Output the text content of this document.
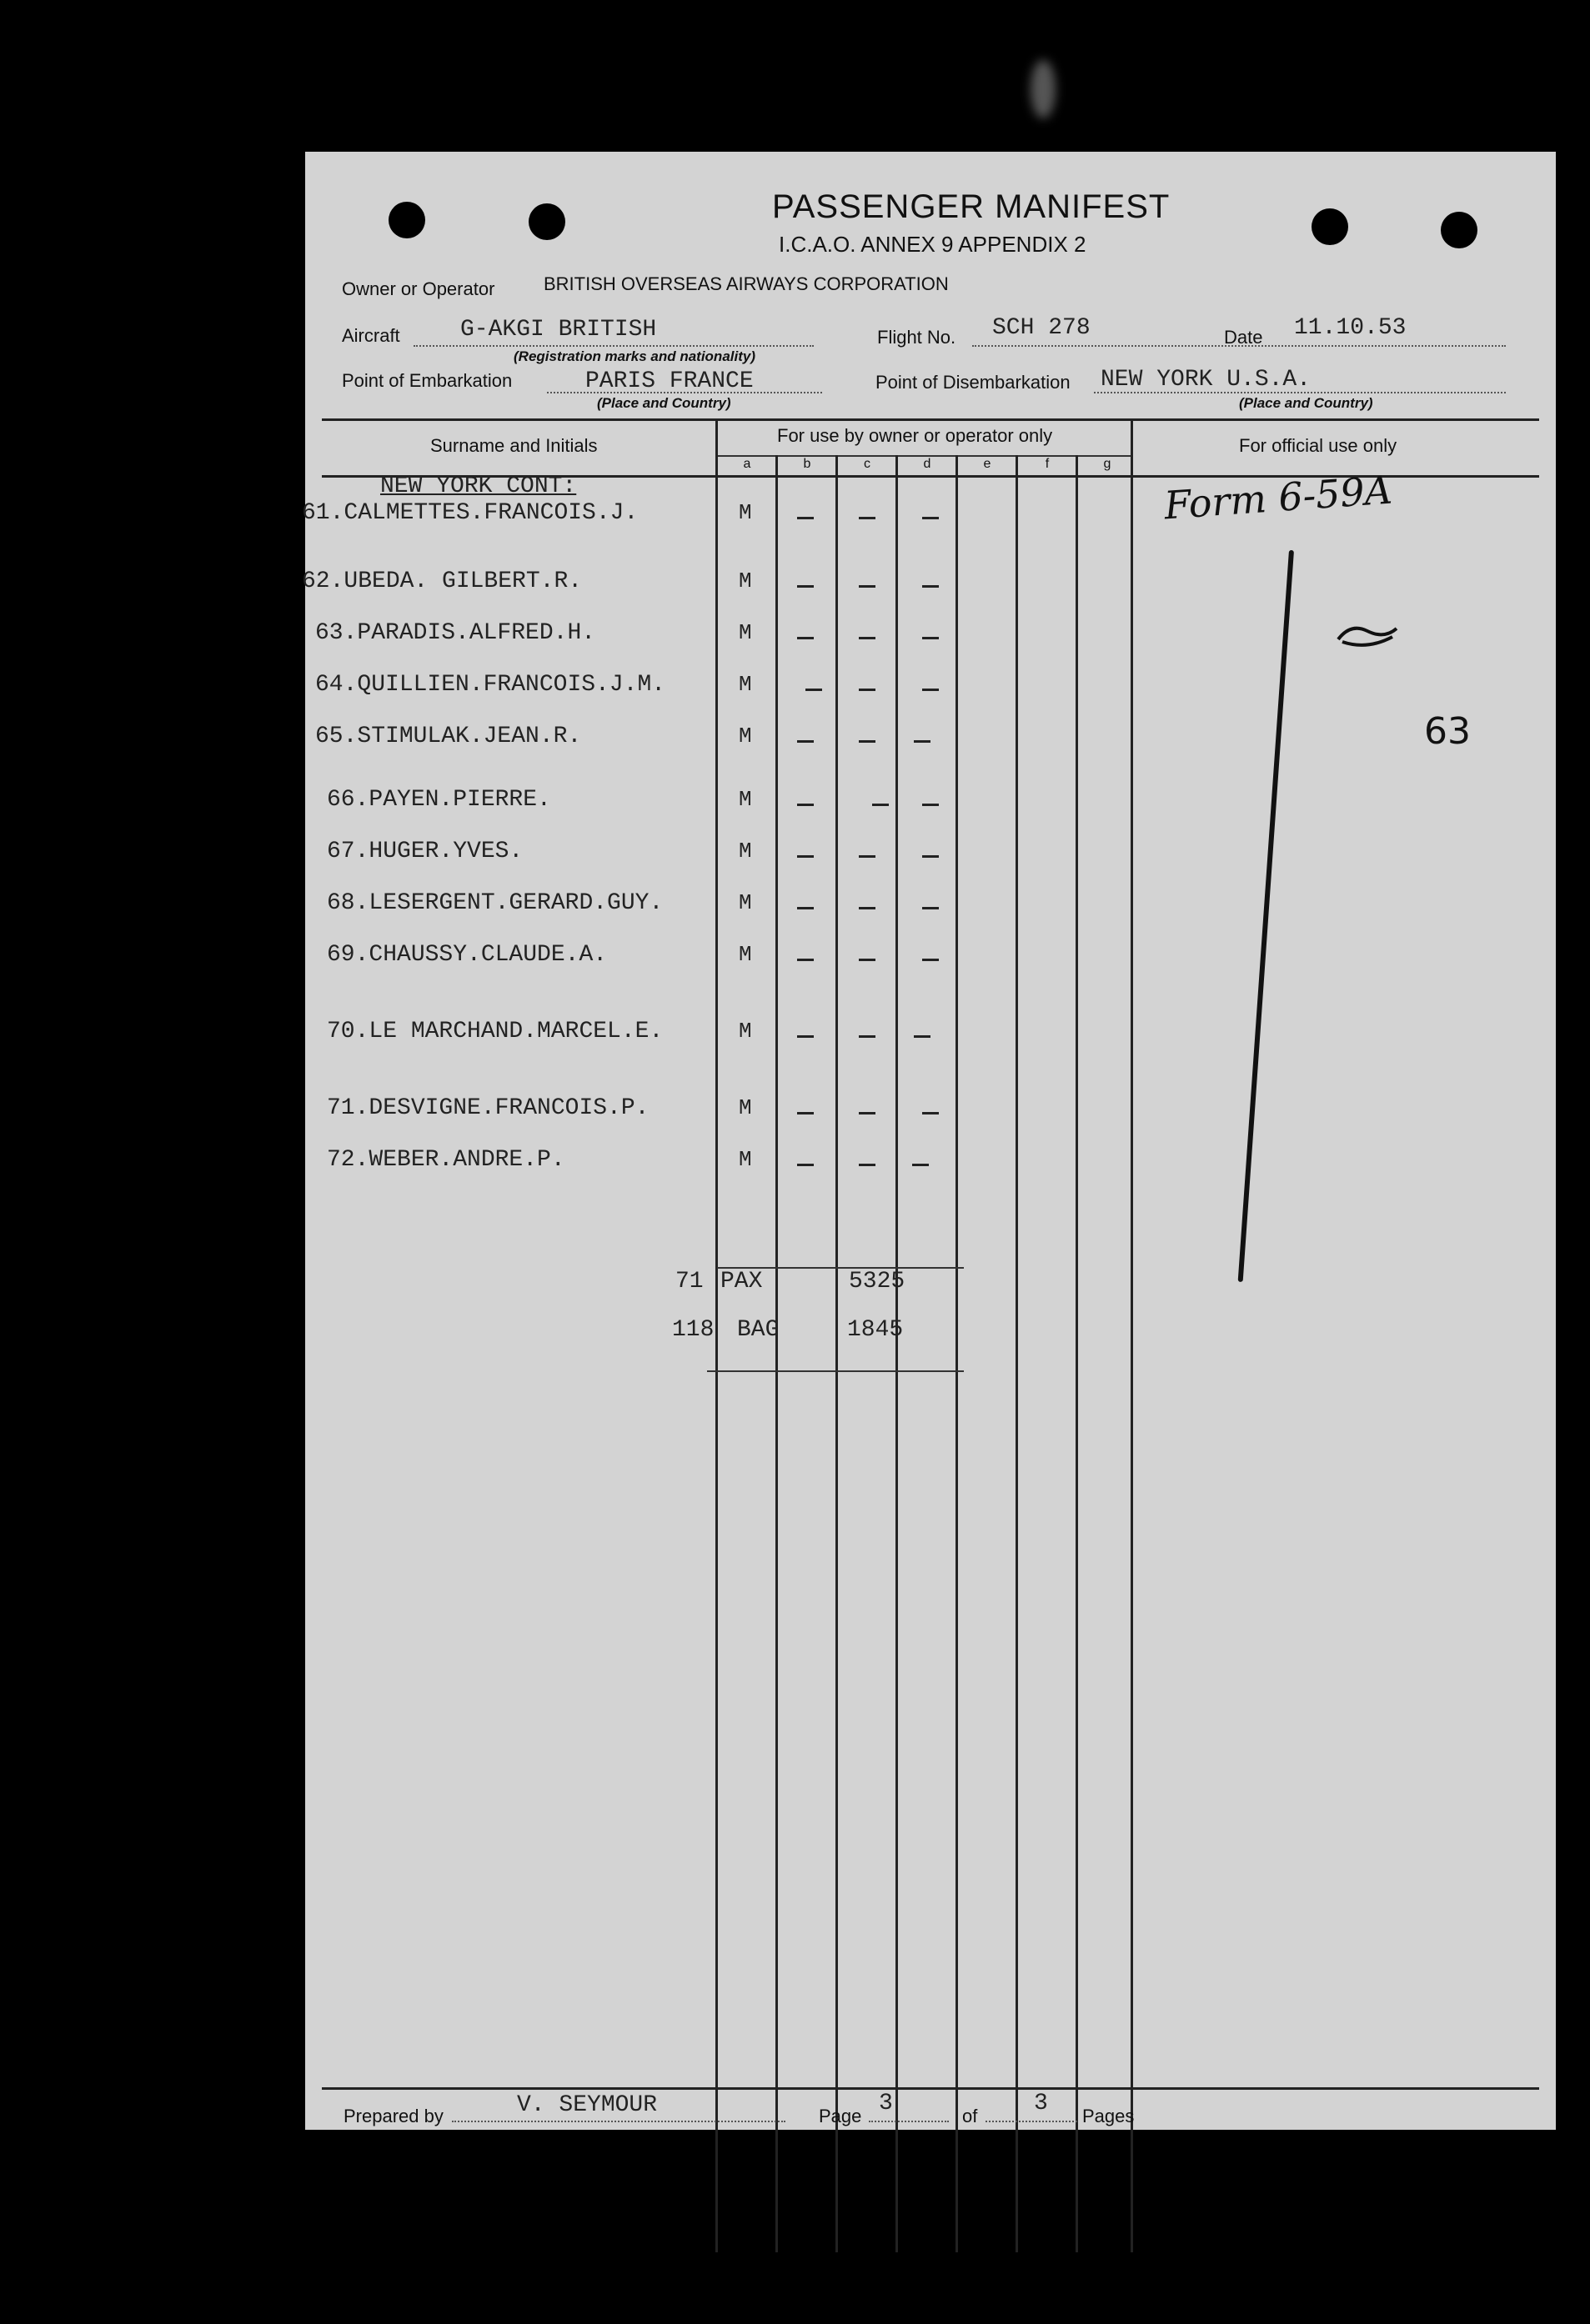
PASSENGER MANIFEST
I.C.A.O. ANNEX 9 APPENDIX 2
Owner or Operator	BRITISH OVERSEAS AIRWAYS CORPORATION
Aircraft	G-AKGI BRITISH
(Registration marks and nationality)
Flight No. SCH 278	Date 11.10.53
Point of Embarkation	PARIS FRANCE
(Place and Country)
Point of Disembarkation NEW YORK U.S.A.
(Place and Country)
Surname and Initials	For use by owner or operator only	For official use only
a	b	c	d	e	f	g
NEW YORK CONT:
61.CALMETTES.FRANCOIS.J.	M
62.UBEDA. GILBERT.R.	M
63.PARADIS.ALFRED.H.	M
64.QUILLIEN.FRANCOIS.J.M.	M
65.STIMULAK.JEAN.R.	M
66.PAYEN.PIERRE.	M
67.HUGER.YVES.	M
68.LESERGENT.GERARD.GUY.	M
69.CHAUSSY.CLAUDE.A.	M
70.LE MARCHAND.MARCEL.E.	M
71.DESVIGNE.FRANCOIS.P.	M
72.WEBER.ANDRE.P.	M
71 PAX	5325
118 BAG	1845
Form 6-59A
63
Prepared by	V. SEYMOUR	Page 3	of 3 Pages
